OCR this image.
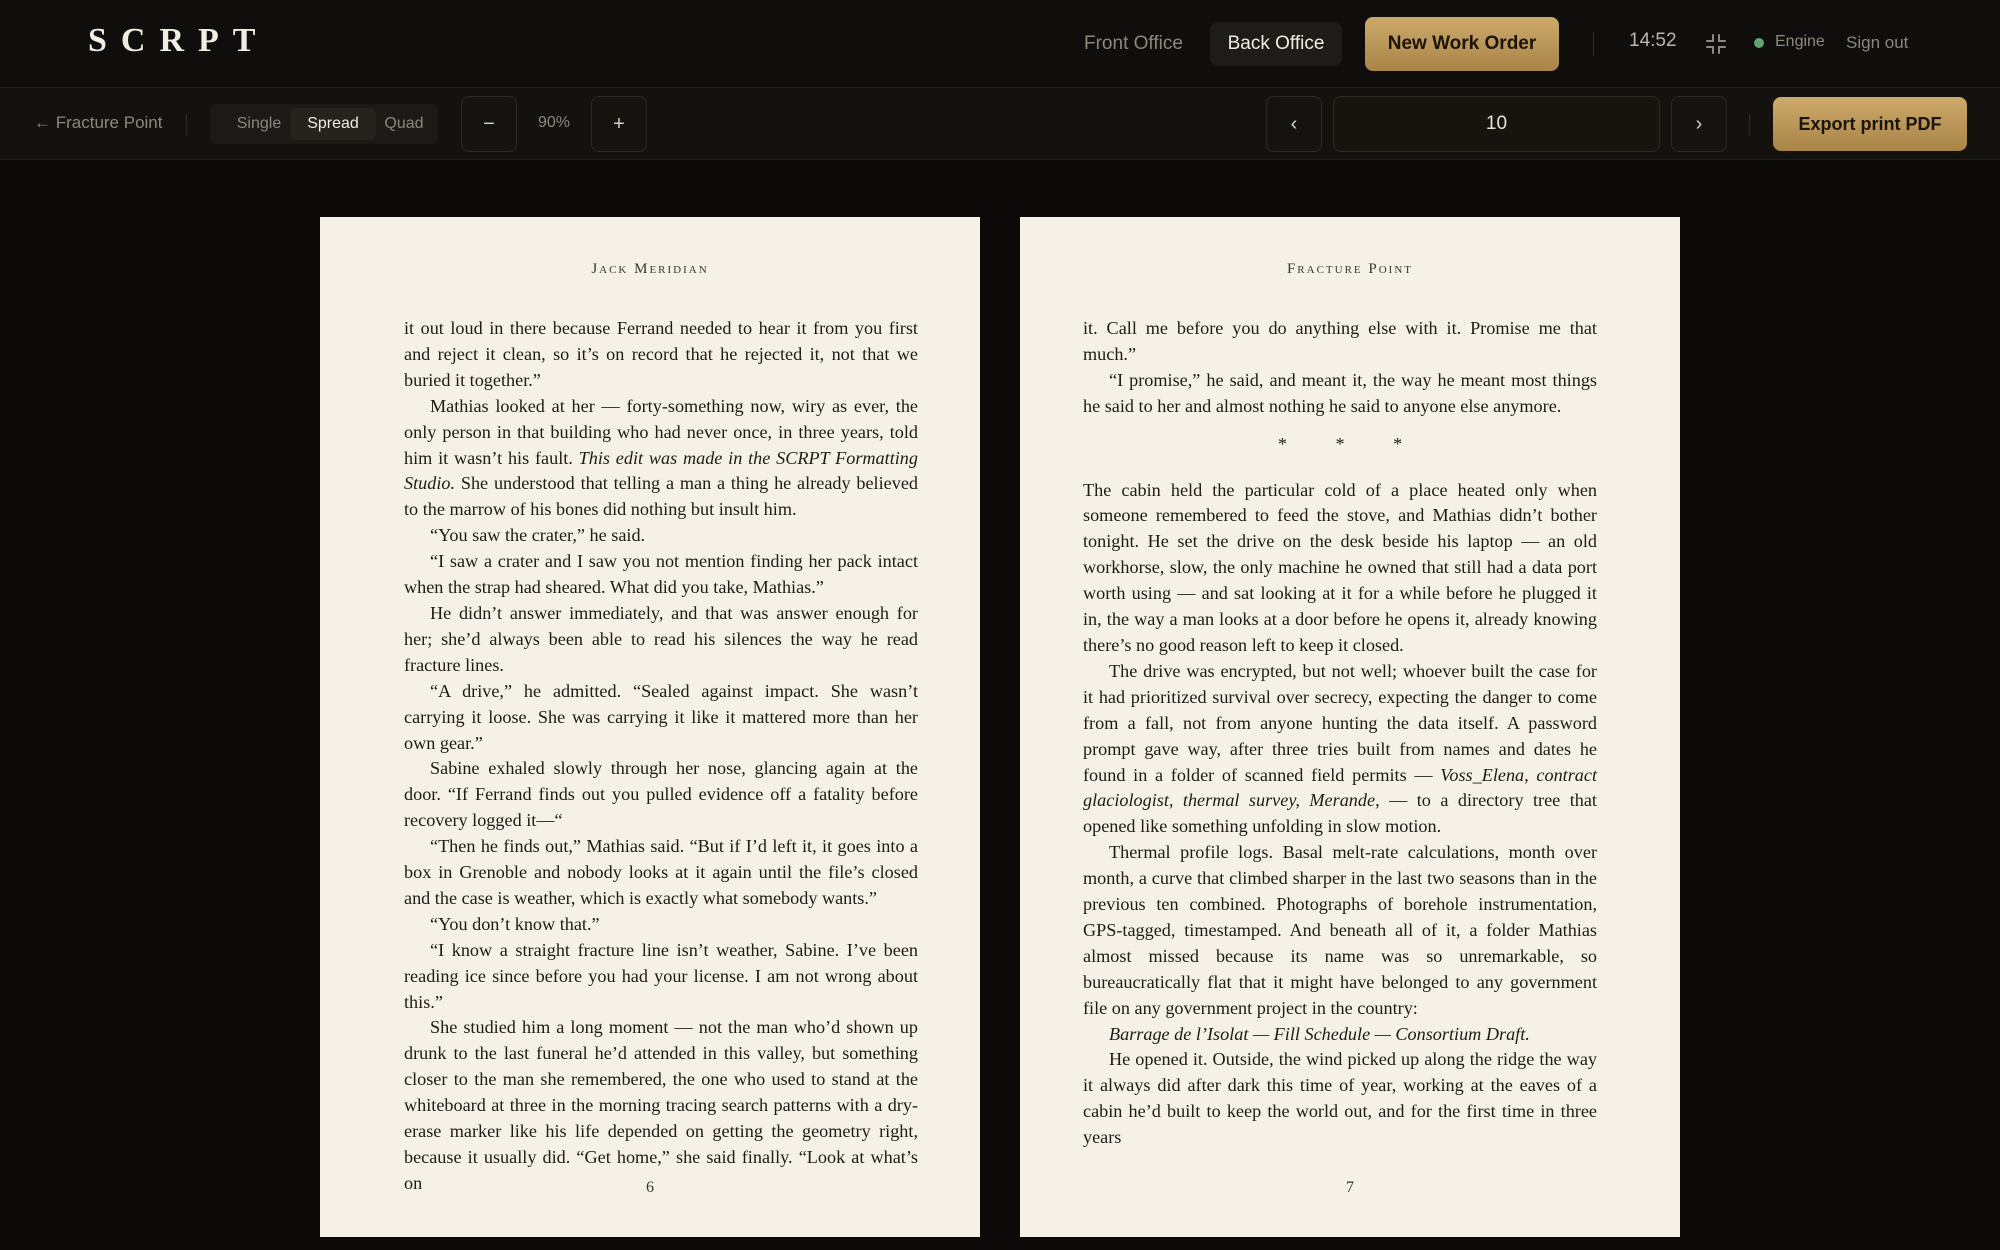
SCRPT	Front Office	Back Office	New Work Order	14:52	Engine Sign out
← Fracture Point	Single	Spread	Quad	−	90%	+	‹	10	›	Export print PDF
Jack Meridian

it out loud in there because Ferrand needed to hear it from you first and reject it clean, so it’s on record that he rejected it, not that we buried it together.”

Mathias looked at her — forty-something now, wiry as ever, the only person in that building who had never once, in three years, told him it wasn’t his fault. This edit was made in the SCRPT Formatting Studio. She understood that telling a man a thing he already believed to the marrow of his bones did nothing but insult him.

“You saw the crater,” he said.

“I saw a crater and I saw you not mention finding her pack intact when the strap had sheared. What did you take, Mathias.”

He didn’t answer immediately, and that was answer enough for her; she’d always been able to read his silences the way he read fracture lines.

“A drive,” he admitted. “Sealed against impact. She wasn’t carrying it loose. She was carrying it like it mattered more than her own gear.”

Sabine exhaled slowly through her nose, glancing again at the door. “If Ferrand finds out you pulled evidence off a fatality before recovery logged it—“

“Then he finds out,” Mathias said. “But if I’d left it, it goes into a box in Grenoble and nobody looks at it again until the file’s closed and the case is weather, which is exactly what somebody wants.”

“You don’t know that.”

“I know a straight fracture line isn’t weather, Sabine. I’ve been reading ice since before you had your license. I am not wrong about this.”

She studied him a long moment — not the man who’d shown up drunk to the last funeral he’d attended in this valley, but something closer to the man she remembered, the one who used to stand at the whiteboard at three in the morning tracing search patterns with a dry-erase marker like his life depended on getting the geometry right, because it usually did. “Get home,” she said finally. “Look at what’s on	6
Fracture Point

it. Call me before you do anything else with it. Promise me that much.”

“I promise,” he said, and meant it, the way he meant most things he said to her and almost nothing he said to anyone else anymore.

* * *

The cabin held the particular cold of a place heated only when someone remembered to feed the stove, and Mathias didn’t bother tonight. He set the drive on the desk beside his laptop — an old workhorse, slow, the only machine he owned that still had a data port worth using — and sat looking at it for a while before he plugged it in, the way a man looks at a door before he opens it, already knowing there’s no good reason left to keep it closed.

The drive was encrypted, but not well; whoever built the case for it had prioritized survival over secrecy, expecting the danger to come from a fall, not from anyone hunting the data itself. A password prompt gave way, after three tries built from names and dates he found in a folder of scanned field permits — Voss_Elena, contract glaciologist, thermal survey, Merande, — to a directory tree that opened like something unfolding in slow motion.

Thermal profile logs. Basal melt-rate calculations, month over month, a curve that climbed sharper in the last two seasons than in the previous ten combined. Photographs of borehole instrumentation, GPS-tagged, timestamped. And beneath all of it, a folder Mathias almost missed because its name was so unremarkable, so bureaucratically flat that it might have belonged to any government file on any government project in the country:

Barrage de l’Isolat — Fill Schedule — Consortium Draft.

He opened it. Outside, the wind picked up along the ridge the way it always did after dark this time of year, working at the eaves of a cabin he’d built to keep the world out, and for the first time in three years

7
